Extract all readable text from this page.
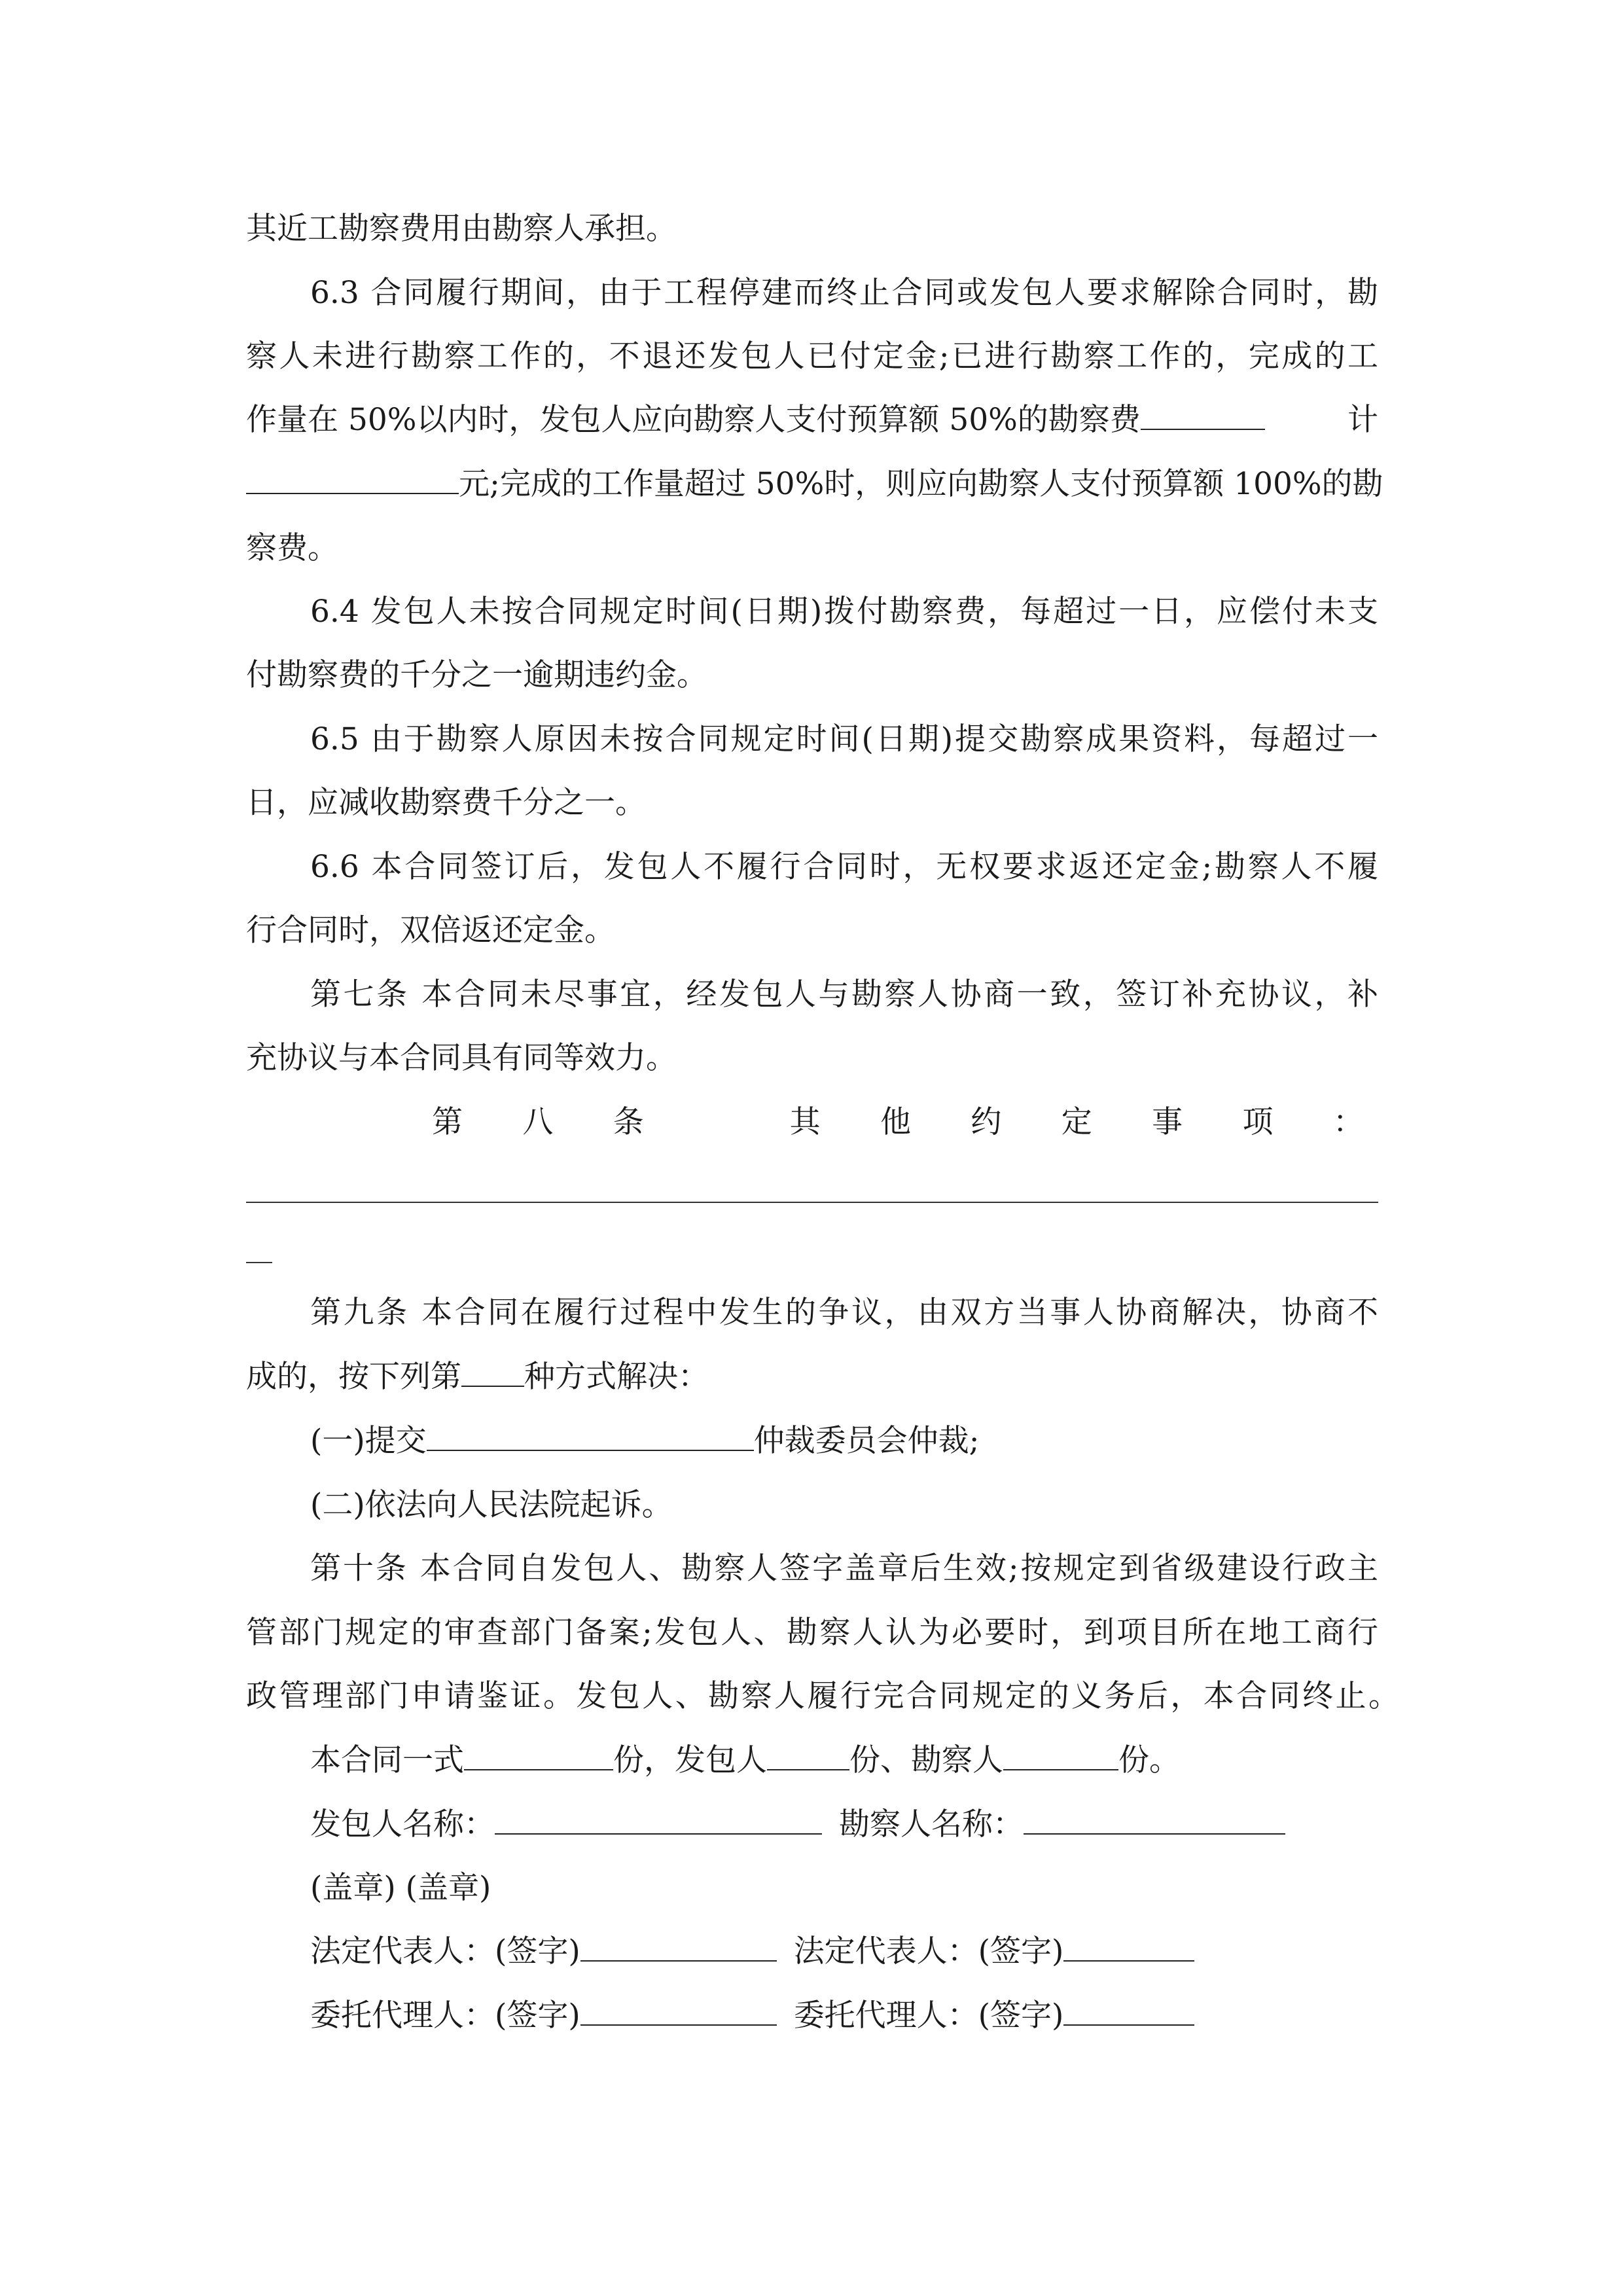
其近工勘察费用由勘察人承担。
6.3 合同履行期间，由于工程停建而终止合同或发包人要求解除合同时，勘
察人未进行勘察工作的，不退还发包人已付定金;已进行勘察工作的，完成的工
作量在 50%以内时，发包人应向勘察人支付预算额 50%的勘察费	计
元;完成的工作量超过 50%时，则应向勘察人支付预算额 100%的勘
察费。
6.4 发包人未按合同规定时间(日期)拨付勘察费，每超过一日，应偿付未支
付勘察费的千分之一逾期违约金。
6.5 由于勘察人原因未按合同规定时间(日期)提交勘察成果资料，每超过一
日，应减收勘察费千分之一。
6.6 本合同签订后，发包人不履行合同时，无权要求返还定金;勘察人不履
行合同时，双倍返还定金。
第七条 本合同未尽事宜，经发包人与勘察人协商一致，签订补充协议，补
充协议与本合同具有同等效力。
第 八 条	其 他 约 定 事 项 ：
第九条 本合同在履行过程中发生的争议，由双方当事人协商解决，协商不
成的，按下列第 种方式解决：
(一)提交	仲裁委员会仲裁;
(二)依法向人民法院起诉。
第十条 本合同自发包人、勘察人签字盖章后生效;按规定到省级建设行政主
管部门规定的审查部门备案;发包人、勘察人认为必要时，到项目所在地工商行
政管理部门申请鉴证。发包人、勘察人履行完合同规定的义务后，本合同终止。
本合同一式	份，发包人	份、勘察人	份。
发包人名称：	勘察人名称：
(盖章) (盖章)
法定代表人：(签字)	法定代表人：(签字)
委托代理人：(签字)	委托代理人：(签字)
